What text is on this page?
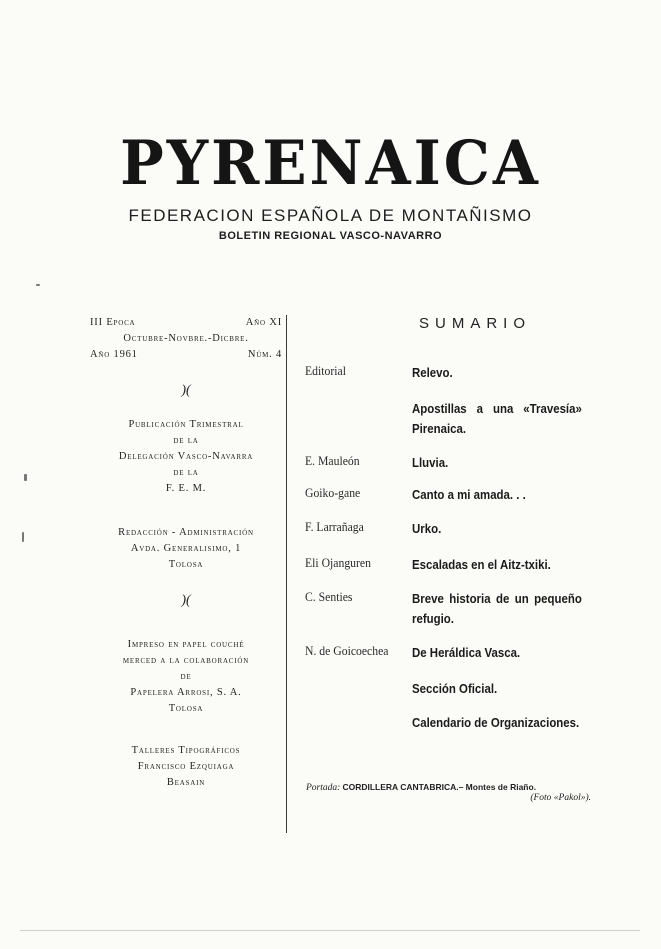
PYRENAICA
FEDERACION ESPAÑOLA DE MONTAÑISMO
BOLETIN REGIONAL VASCO-NAVARRO
III Epoca	Año XI
Octubre-Novbre.-Dicbre.
Año 1961	Núm. 4
)(
Publicación Trimestral
de la
Delegación Vasco-Navarra
de la
F. E. M.
Redacción - Administración
Avda. Generalisimo, 1
Tolosa
)(
Impreso en papel couché
merced a la colaboración
de
Papelera Arrosi, S. A.
Tolosa
Talleres Tipográficos
Francisco Ezquiaga
Beasain
SUMARIO
Editorial	Relevo.
Apostillas a una «Travesía» Pirenaica.
E. Mauleón	Lluvia.
Goiko-gane	Canto a mi amada. . .
F. Larrañaga	Urko.
Eli Ojanguren	Escaladas en el Aitz-txiki.
C. Senties	Breve historia de un pequeño refugio.
N. de Goicoechea	De Heráldica Vasca.
Sección Oficial.
Calendario de Organizaciones.
Portada: CORDILLERA CANTABRICA.– Montes de Riaño.
(Foto «Pakol»).
